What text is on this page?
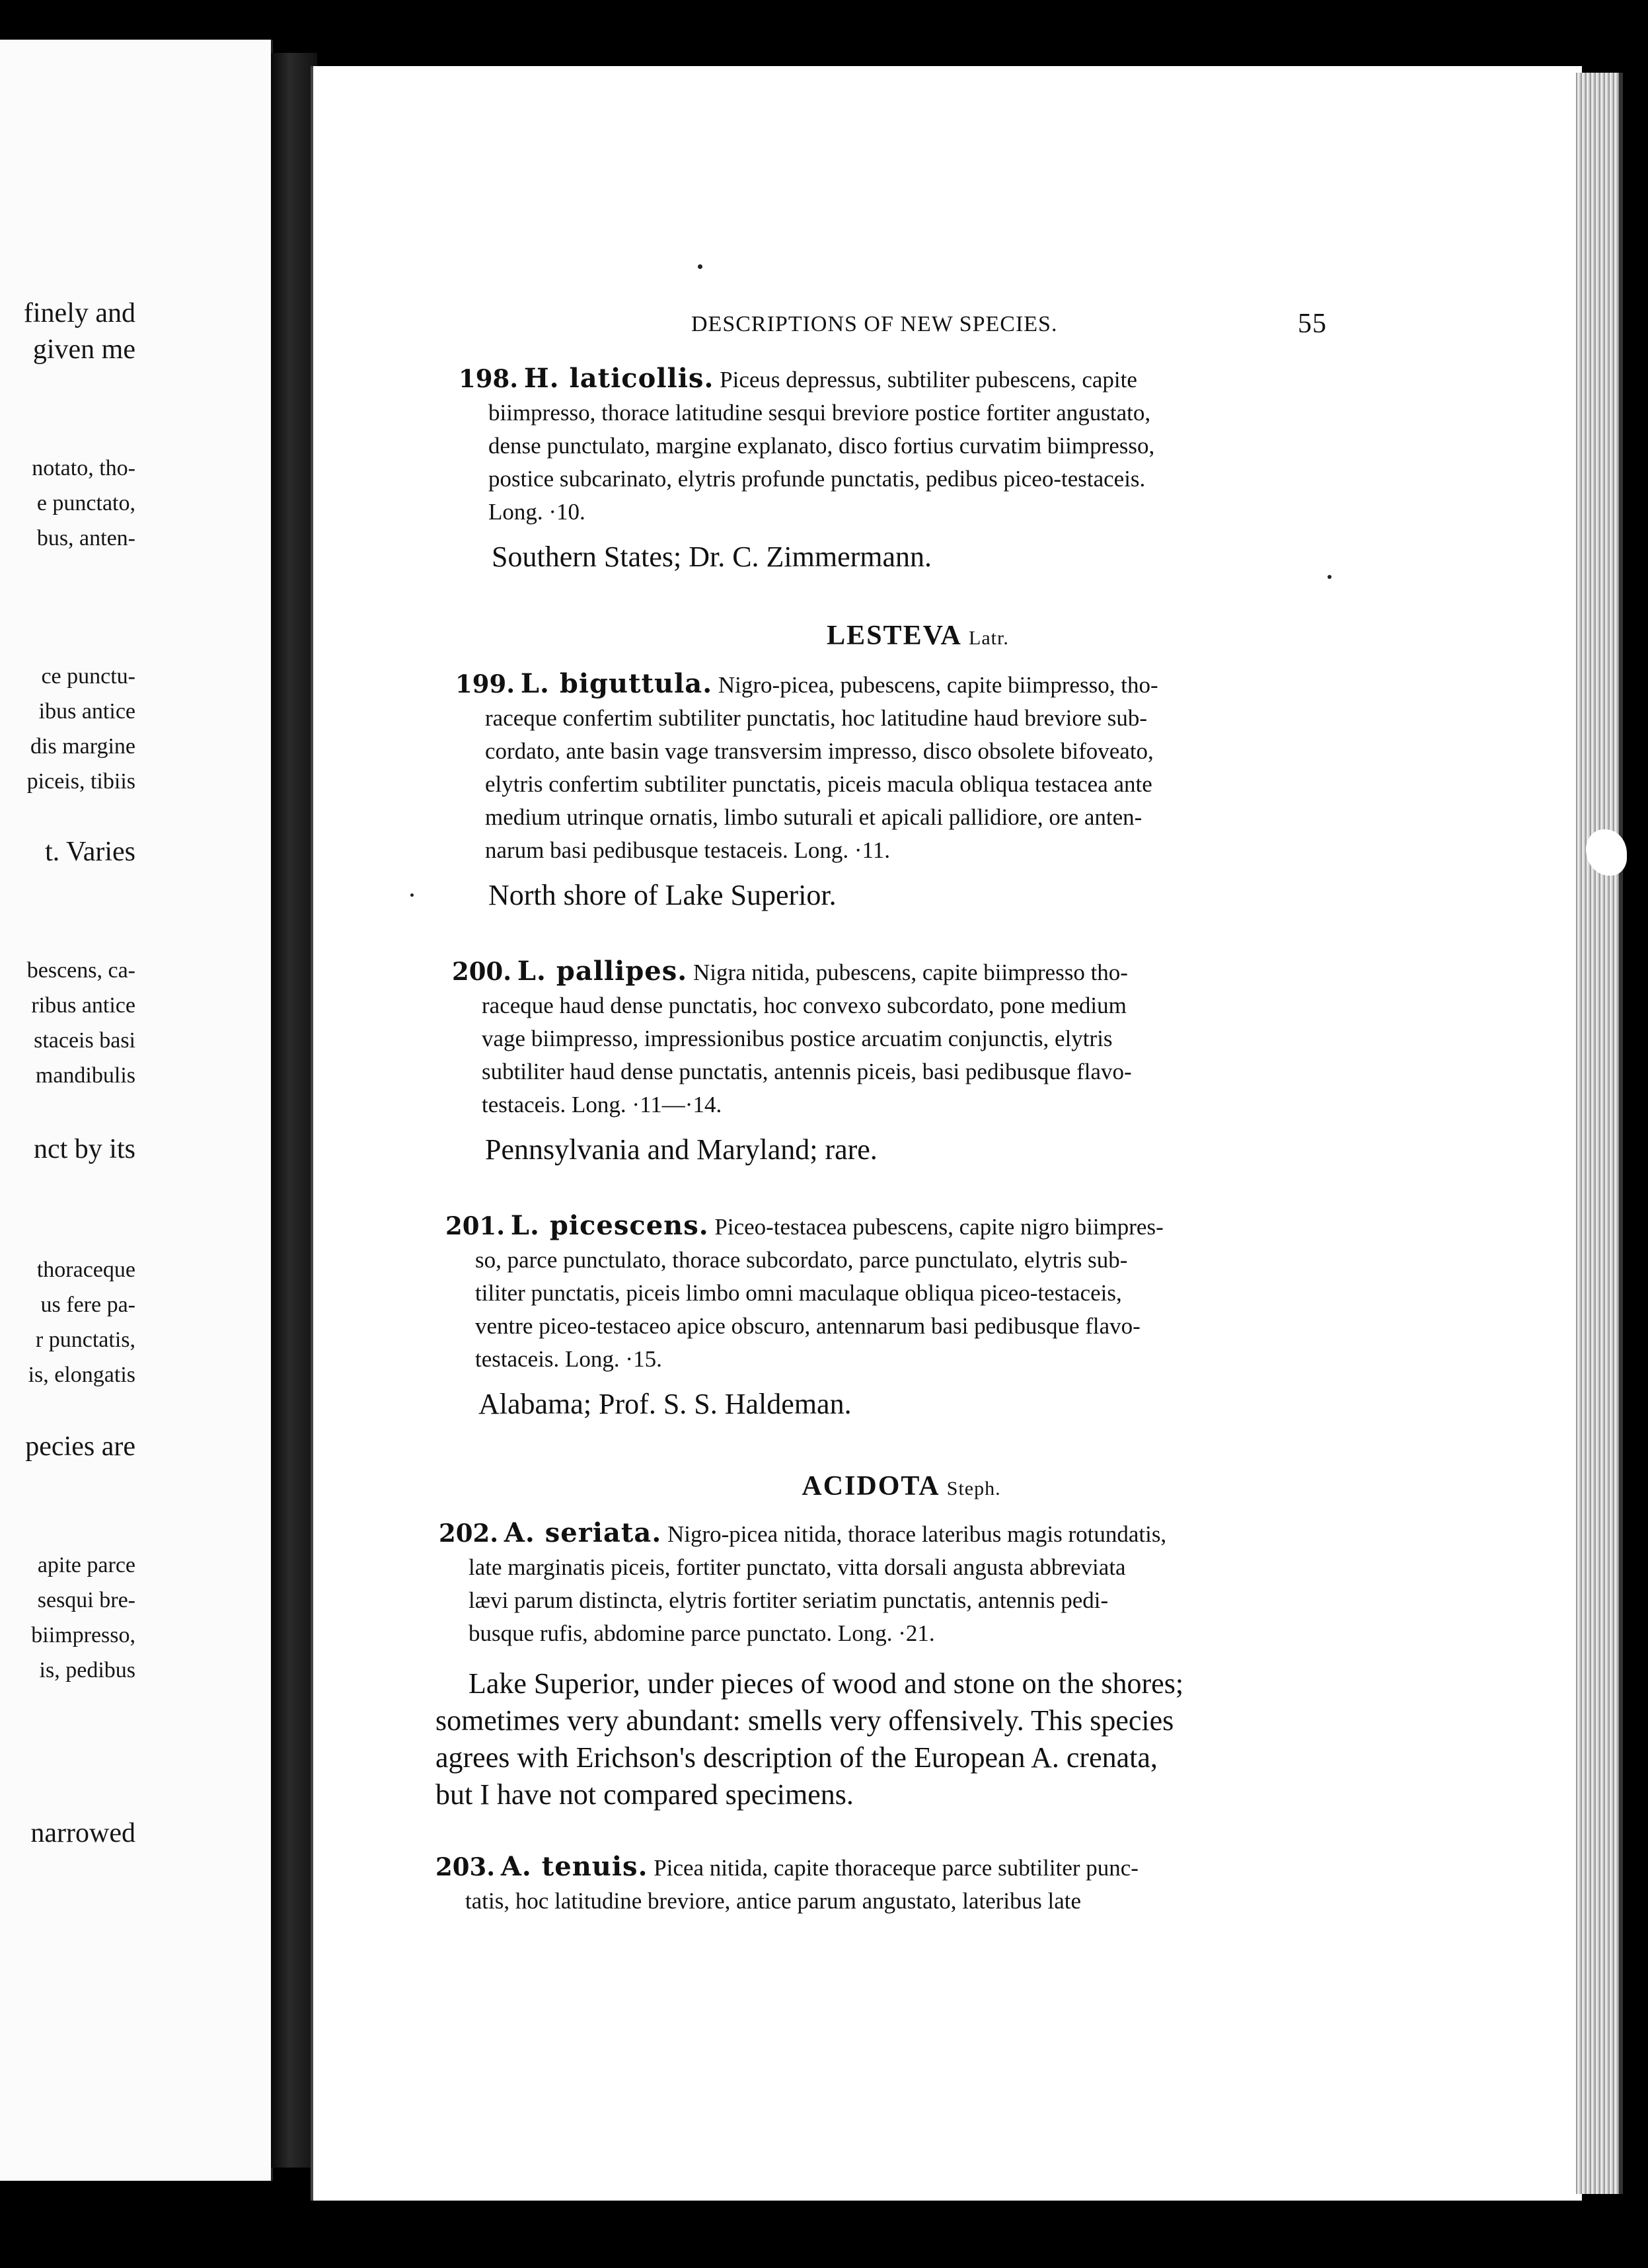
finely and
given me
notato, tho-
e punctato,
bus, anten-
ce punctu-
ibus antice
dis margine
piceis, tibiis
t. Varies
bescens, ca-
ribus antice
staceis basi
mandibulis
nct by its
thoraceque
us fere pa-
r punctatis,
is, elongatis
pecies are
apite parce
sesqui bre-
biimpresso,
is, pedibus
narrowed
DESCRIPTIONS OF NEW SPECIES.	55

198. H. laticollis. Piceus depressus, subtiliter pubescens, capite
biimpresso, thorace latitudine sesqui breviore postice fortiter angustato,
dense punctulato, margine explanato, disco fortius curvatim biimpresso,
postice subcarinato, elytris profunde punctatis, pedibus piceo-testaceis.
Long. ·10.

Southern States; Dr. C. Zimmermann.
LESTEVA Latr.

199. L. biguttula. Nigro-picea, pubescens, capite biimpresso, tho-
raceque confertim subtiliter punctatis, hoc latitudine haud breviore sub-
cordato, ante basin vage transversim impresso, disco obsolete bifoveato,
elytris confertim subtiliter punctatis, piceis macula obliqua testacea ante
medium utrinque ornatis, limbo suturali et apicali pallidiore, ore anten-
narum basi pedibusque testaceis. Long. ·11.

North shore of Lake Superior.

200. L. pallipes. Nigra nitida, pubescens, capite biimpresso tho-
raceque haud dense punctatis, hoc convexo subcordato, pone medium
vage biimpresso, impressionibus postice arcuatim conjunctis, elytris
subtiliter haud dense punctatis, antennis piceis, basi pedibusque flavo-
testaceis. Long. ·11—·14.

Pennsylvania and Maryland; rare.

201. L. picescens. Piceo-testacea pubescens, capite nigro biimpres-
so, parce punctulato, thorace subcordato, parce punctulato, elytris sub-
tiliter punctatis, piceis limbo omni maculaque obliqua piceo-testaceis,
ventre piceo-testaceo apice obscuro, antennarum basi pedibusque flavo-
testaceis. Long. ·15.

Alabama; Prof. S. S. Haldeman.
ACIDOTA Steph.

202. A. seriata. Nigro-picea nitida, thorace lateribus magis rotundatis,
late marginatis piceis, fortiter punctato, vitta dorsali angusta abbreviata
lævi parum distincta, elytris fortiter seriatim punctatis, antennis pedi-
busque rufis, abdomine parce punctato. Long. ·21.

Lake Superior, under pieces of wood and stone on the shores;
sometimes very abundant: smells very offensively. This species
agrees with Erichson's description of the European A. crenata,
but I have not compared specimens.

203. A. tenuis. Picea nitida, capite thoraceque parce subtiliter punc-
tatis, hoc latitudine breviore, antice parum angustato, lateribus late
